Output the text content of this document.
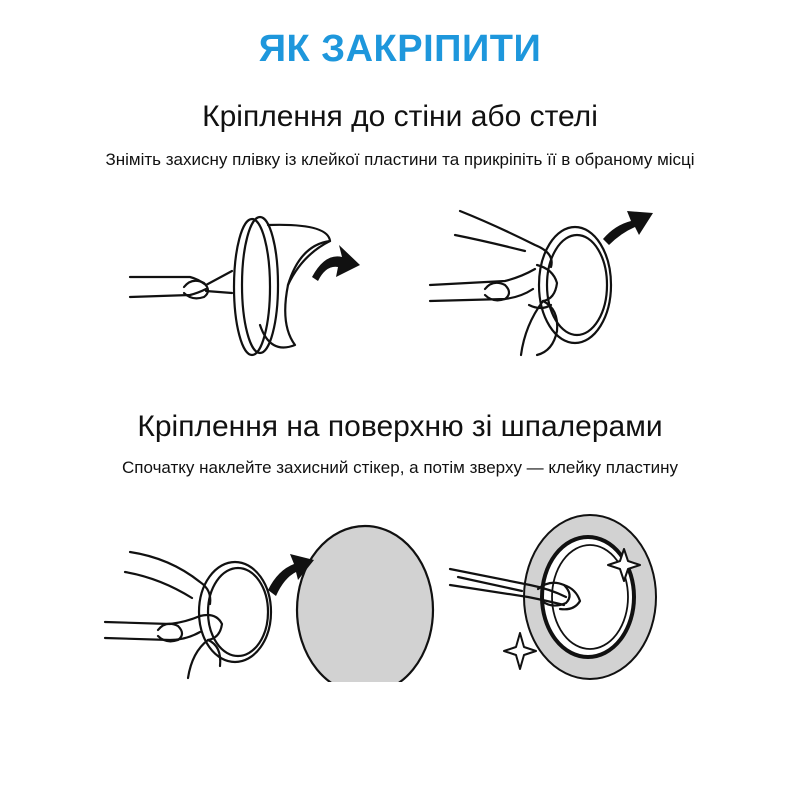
ЯК ЗАКРІПИТИ
Кріплення до стіни або стелі

Зніміть захисну плівку із клейкої пластини та прикріпіть її в обраному місці

Кріплення на поверхню зі шпалерами

Спочатку наклейте захисний стікер, а потім зверху — клейку пластину
